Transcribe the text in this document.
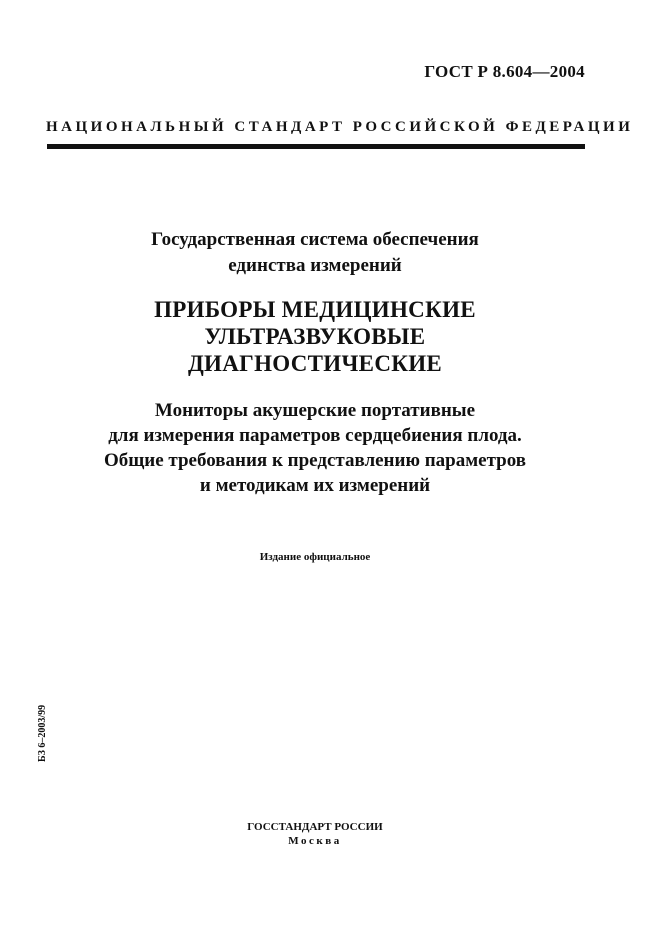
ГОСТ Р 8.604—2004
НАЦИОНАЛЬНЫЙ СТАНДАРТ РОССИЙСКОЙ ФЕДЕРАЦИИ
Государственная система обеспечения
единства измерений
ПРИБОРЫ МЕДИЦИНСКИЕ
УЛЬТРАЗВУКОВЫЕ
ДИАГНОСТИЧЕСКИЕ
Мониторы акушерские портативные
для измерения параметров сердцебиения плода.
Общие требования к представлению параметров
и методикам их измерений
Издание официальное
БЗ 6–2003/99
ГОССТАНДАРТ РОССИИ
Москва
